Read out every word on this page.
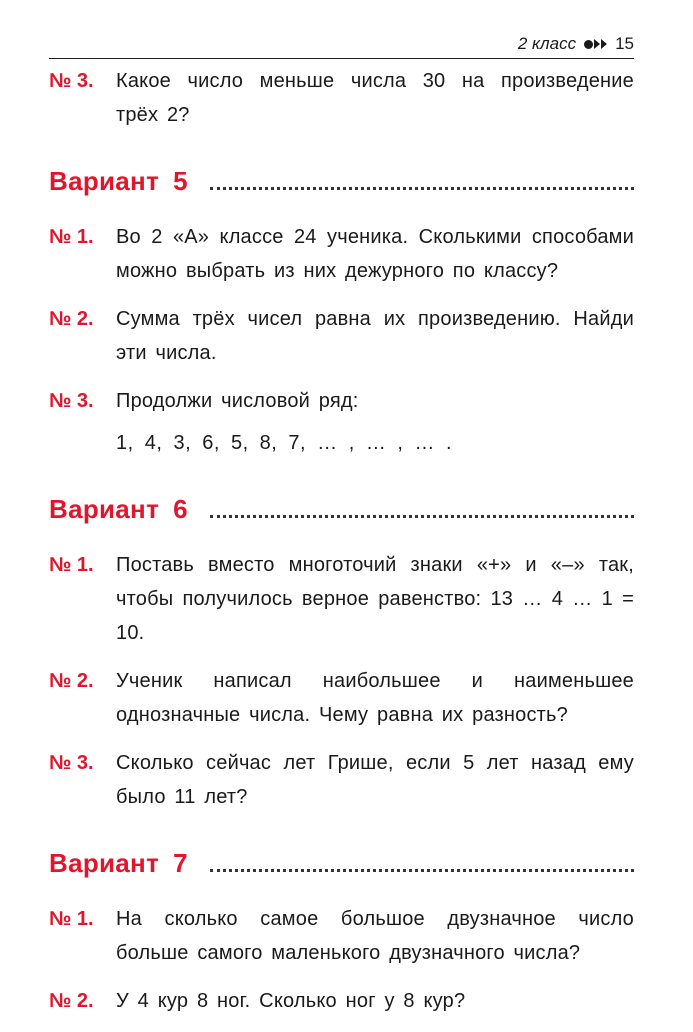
2 класс 15
№ 3.	Какое число меньше числа 30 на произведение трёх 2?
Вариант 5
№ 1.	Во 2 «А» классе 24 ученика. Сколькими способами можно выбрать из них дежурного по классу?
№ 2.	Сумма трёх чисел равна их произведению. Найди эти числа.
№ 3.	Продолжи числовой ряд:
1, 4, 3, 6, 5, 8, 7, … , … , … .
Вариант 6
№ 1.	Поставь вместо многоточий знаки «+» и «–» так, чтобы получилось верное равенство: 13 … 4 … 1 = 10.
№ 2.	Ученик написал наибольшее и наименьшее однозначные числа. Чему равна их разность?
№ 3.	Сколько сейчас лет Грише, если 5 лет назад ему было 11 лет?
Вариант 7
№ 1.	На сколько самое большое двузначное число больше самого маленького двузначного числа?
№ 2.	У 4 кур 8 ног. Сколько ног у 8 кур?
